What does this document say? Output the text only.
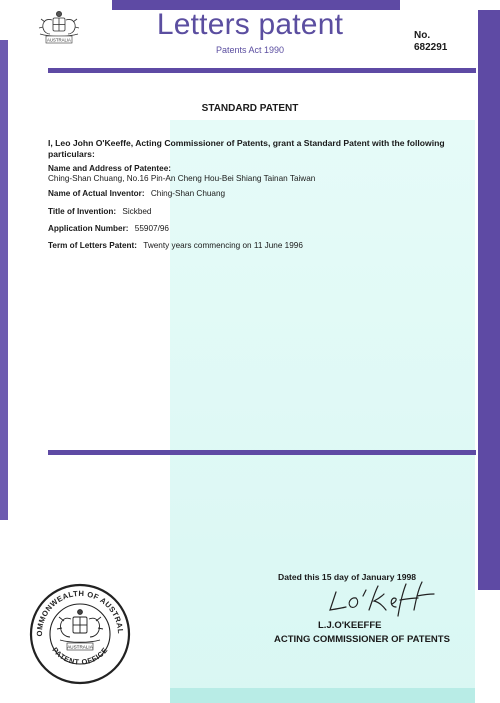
AUSTRALIA	Letters patent
Patents Act 1990
No.
682291
STANDARD PATENT
I, Leo John O'Keeffe, Acting Commissioner of Patents, grant a Standard Patent with the following particulars:
Name and Address of Patentee:
Ching-Shan Chuang, No.16 Pin-An Cheng Hou-Bei Shiang Tainan Taiwan
Name of Actual Inventor: Ching-Shan Chuang
Title of Invention: Sickbed
Application Number: 55907/96
Term of Letters Patent: Twenty years commencing on 11 June 1996
Dated this 15 day of January 1998
L.J.O'KEEFFE
ACTING COMMISSIONER OF PATENTS
OMMONWEALTH OF AUSTRAL
PATENT OFFICE
AUSTRALIA
